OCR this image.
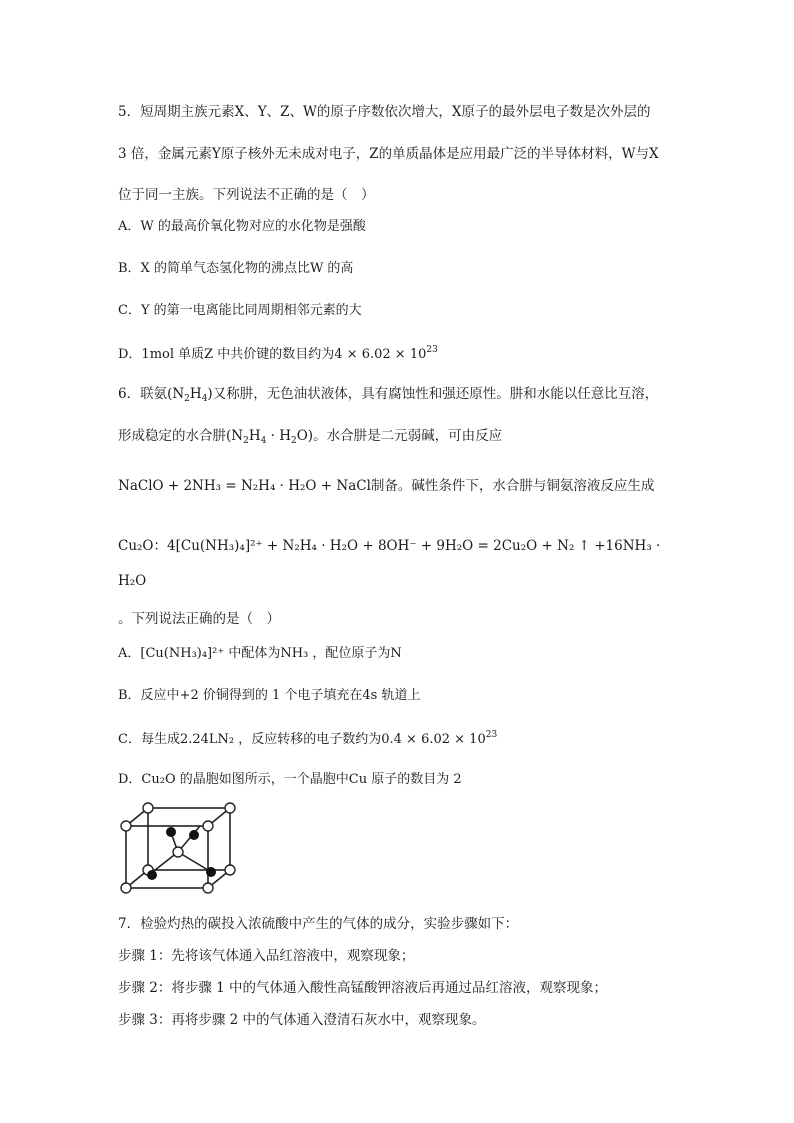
5．短周期主族元素X、Y、Z、W的原子序数依次增大，X原子的最外层电子数是次外层的
3 倍，金属元素Y原子核外无未成对电子，Z的单质晶体是应用最广泛的半导体材料，W与X
位于同一主族。下列说法不正确的是（　）
A．W 的最高价氧化物对应的水化物是强酸
B．X 的简单气态氢化物的沸点比W 的高
C．Y 的第一电离能比同周期相邻元素的大
D．1mol 单质Z 中共价键的数目约为$4 \times 6.02 \times 10^{23}$
6．联氨$(N_2H_4)$又称肼，无色油状液体，具有腐蚀性和强还原性。肼和水能以任意比互溶，
形成稳定的水合肼$(N_2H_4 \cdot H_2O)$。水合肼是二元弱碱，可由反应
NaClO + 2NH₃ = N₂H₄ · H₂O + NaCl制备。碱性条件下，水合肼与铜氨溶液反应生成
Cu₂O：4[Cu(NH₃)₄]²⁺ + N₂H₄ · H₂O + 8OH⁻ + 9H₂O = 2Cu₂O + N₂ ↑ +16NH₃ ·
H₂O
。下列说法正确的是（　）
A．[Cu(NH₃)₄]²⁺ 中配体为NH₃ ，配位原子为N
B．反应中+2 价铜得到的 1 个电子填充在4s 轨道上
C．每生成2.24LN₂ ，反应转移的电子数约为$0.4 \times 6.02 \times 10^{23}$
D．Cu₂O 的晶胞如图所示，一个晶胞中Cu 原子的数目为 2
7．检验灼热的碳投入浓硫酸中产生的气体的成分，实验步骤如下：
步骤 1：先将该气体通入品红溶液中，观察现象；
步骤 2：将步骤 1 中的气体通入酸性高锰酸钾溶液后再通过品红溶液，观察现象；
步骤 3：再将步骤 2 中的气体通入澄清石灰水中，观察现象。
